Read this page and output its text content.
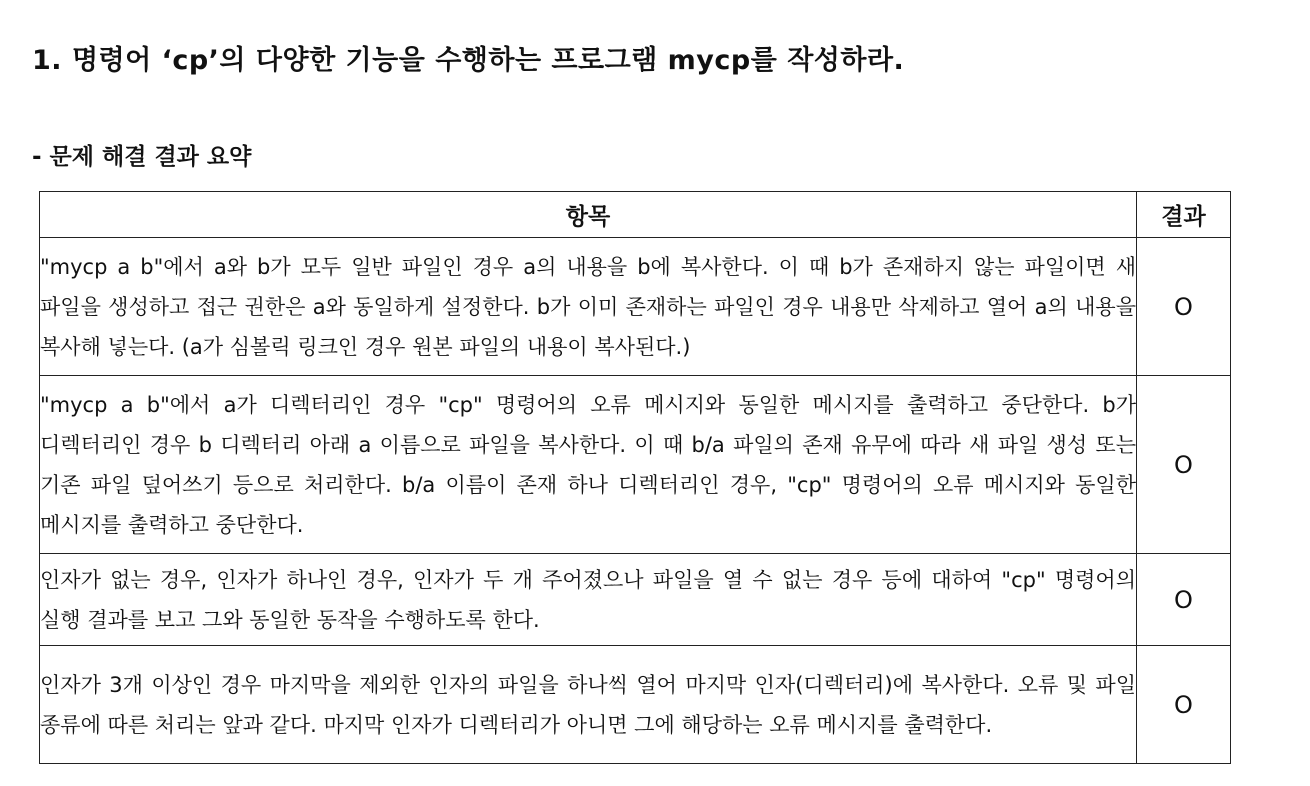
1. 명령어 ‘cp’의 다양한 기능을 수행하는 프로그램 mycp를 작성하라.
- 문제 해결 결과 요약
항목	결과
"mycp a b"에서 a와 b가 모두 일반 파일인 경우 a의 내용을 b에 복사한다. 이 때 b가 존재하지 않는 파일이면 새 파일을 생성하고 접근 권한은 a와 동일하게 설정한다. b가 이미 존재하는 파일인 경우 내용만 삭제하고 열어 a의 내용을 복사해 넣는다. (a가 심볼릭 링크인 경우 원본 파일의 내용이 복사된다.)	O
"mycp a b"에서 a가 디렉터리인 경우 "cp" 명령어의 오류 메시지와 동일한 메시지를 출력하고 중단한다. b가 디렉터리인 경우 b 디렉터리 아래 a 이름으로 파일을 복사한다. 이 때 b/a 파일의 존재 유무에 따라 새 파일 생성 또는 기존 파일 덮어쓰기 등으로 처리한다. b/a 이름이 존재 하나 디렉터리인 경우, "cp" 명령어의 오류 메시지와 동일한 메시지를 출력하고 중단한다.	O
인자가 없는 경우, 인자가 하나인 경우, 인자가 두 개 주어졌으나 파일을 열 수 없는 경우 등에 대하여 "cp" 명령어의 실행 결과를 보고 그와 동일한 동작을 수행하도록 한다.	O
인자가 3개 이상인 경우 마지막을 제외한 인자의 파일을 하나씩 열어 마지막 인자(디렉터리)에 복사한다. 오류 및 파일 종류에 따른 처리는 앞과 같다. 마지막 인자가 디렉터리가 아니면 그에 해당하는 오류 메시지를 출력한다.	O
